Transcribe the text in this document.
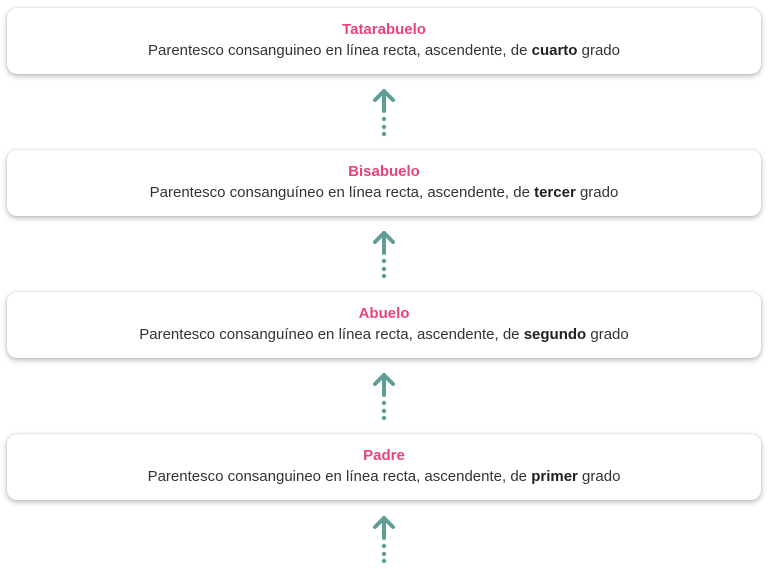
Tatarabuelo
Parentesco consanguineo en línea recta, ascendente, de cuarto grado
Bisabuelo
Parentesco consanguíneo en línea recta, ascendente, de tercer grado
Abuelo
Parentesco consanguíneo en línea recta, ascendente, de segundo grado
Padre
Parentesco consanguineo en línea recta, ascendente, de primer grado
